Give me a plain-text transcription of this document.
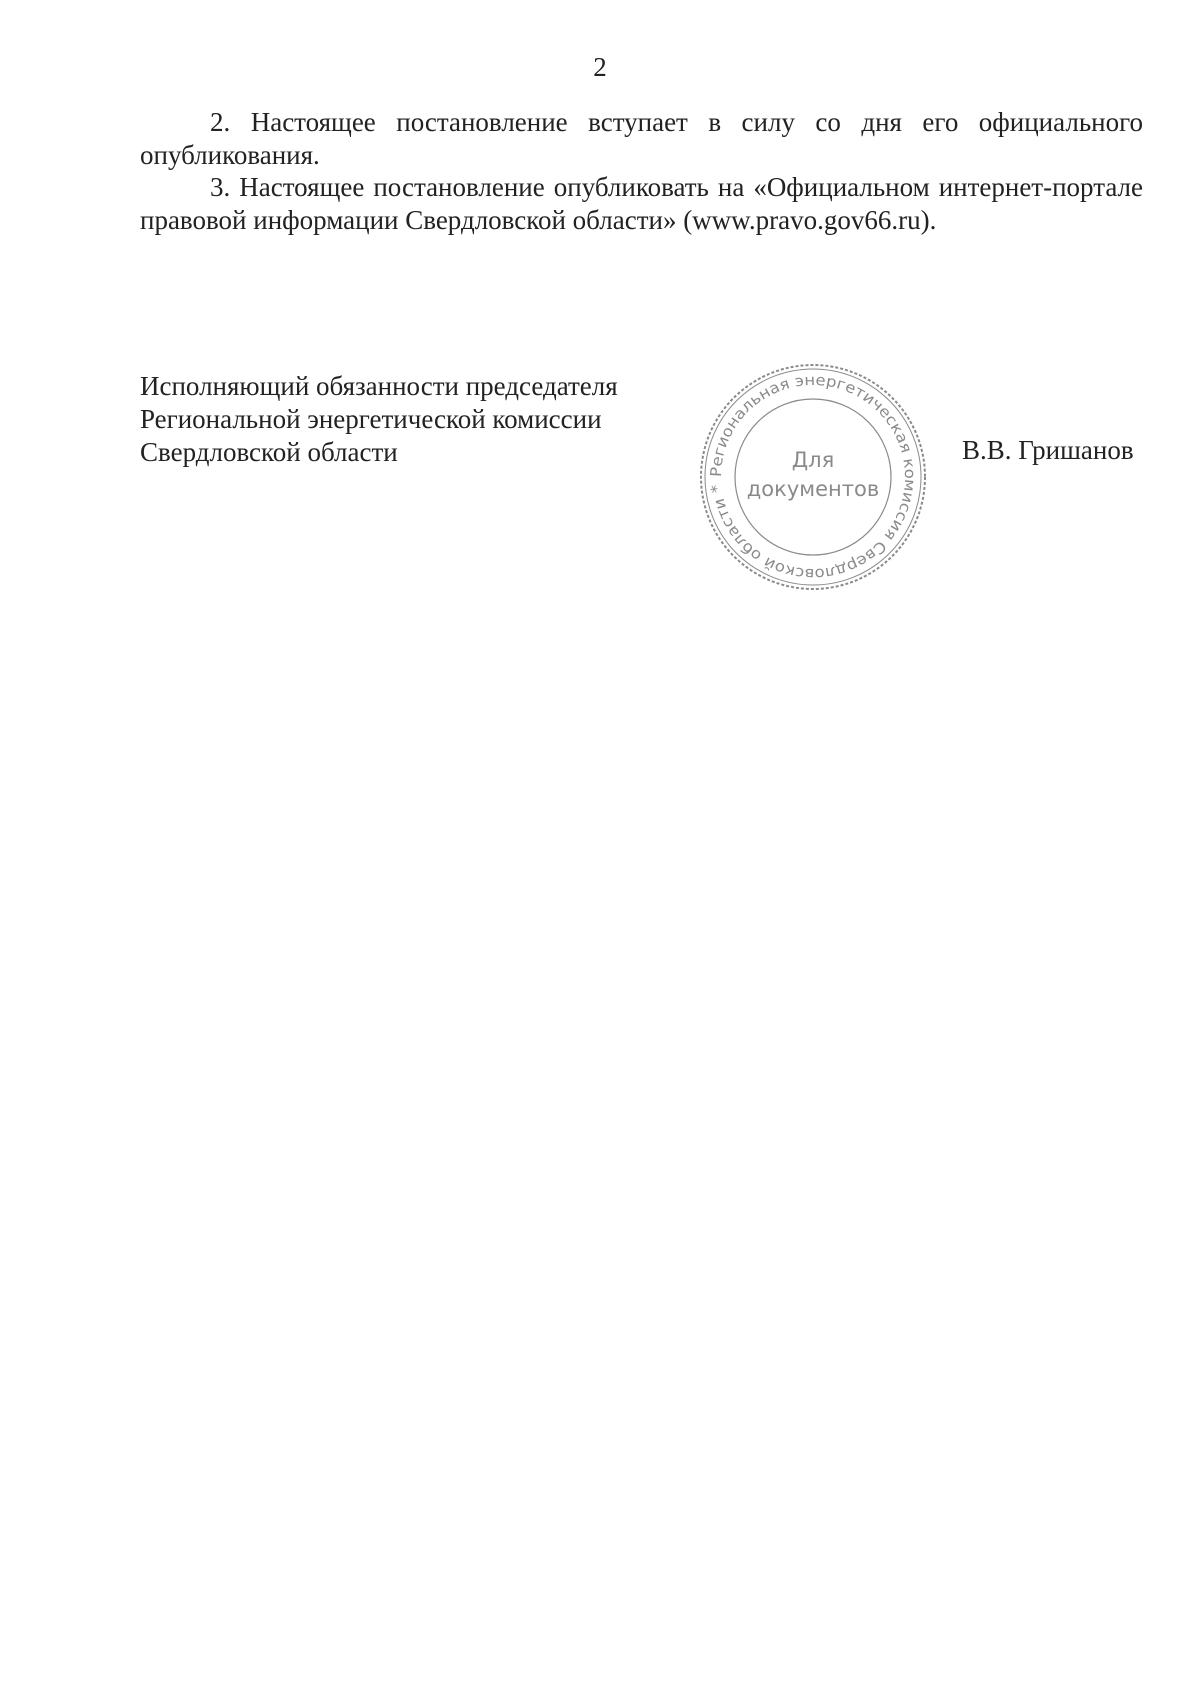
2

2. Настоящее постановление вступает в силу со дня его официального опубликования.

3. Настоящее постановление опубликовать на «Официальном интернет-портале правовой информации Свердловской области» (www.pravo.gov66.ru).

Исполняющий обязанности председателя
Региональной энергетической комиссии
Свердловской области
Региональная энергетическая комиссия Свердловской области *
Для
документов
В.В. Гришанов
